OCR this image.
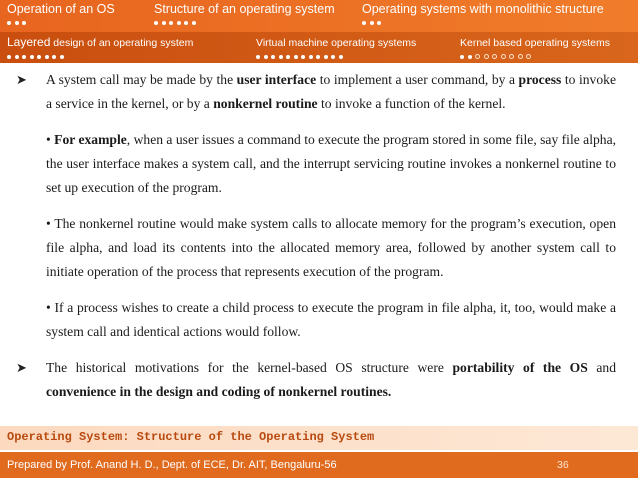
Operation of an OS	Structure of an operating system Operating systems with monolithic structure
Layered design of an operating system	Virtual machine operating systems	Kernel based operating systems
➤	A system call may be made by the user interface to implement a user command, by a process to invoke a service in the kernel, or by a nonkernel routine to invoke a function of the kernel.
• For example, when a user issues a command to execute the program stored in some file, say file alpha, the user interface makes a system call, and the interrupt servicing routine invokes a nonkernel routine to set up execution of the program.
• The nonkernel routine would make system calls to allocate memory for the program’s execution, open file alpha, and load its contents into the allocated memory area, followed by another system call to initiate operation of the process that represents execution of the program.
• If a process wishes to create a child process to execute the program in file alpha, it, too, would make a system call and identical actions would follow.
➤	The historical motivations for the kernel-based OS structure were portability of the OS and convenience in the design and coding of nonkernel routines.
Operating System: Structure of the Operating System
Prepared by Prof. Anand H. D., Dept. of ECE, Dr. AIT, Bengaluru-56	36
